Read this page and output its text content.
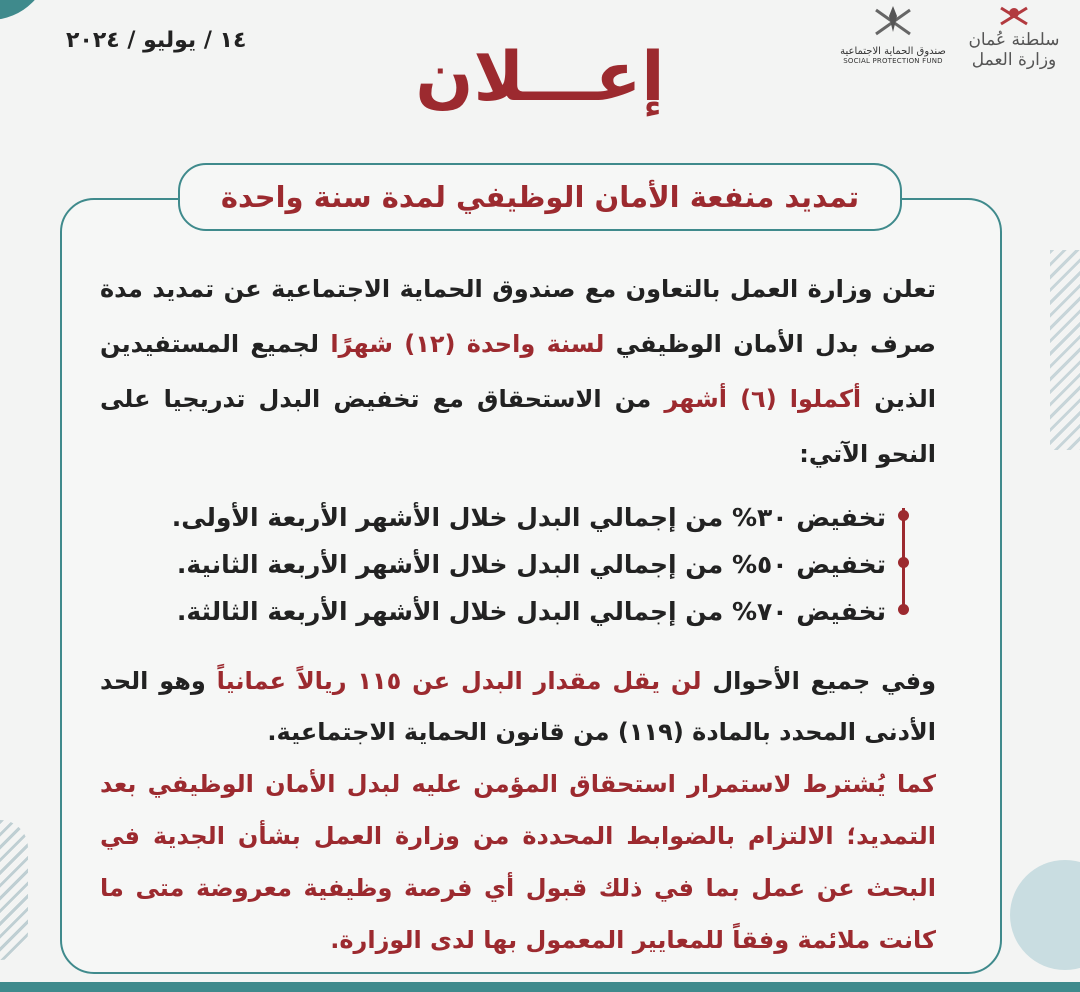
١٤ / يوليو / ٢٠٢٤	سلطنة عُمان
وزارة العمل
صندوق الحماية الاجتماعية
SOCIAL PROTECTION FUND
إعـــلان
تمديد منفعة الأمان الوظيفي لمدة سنة واحدة
تعلن وزارة العمل بالتعاون مع صندوق الحماية الاجتماعية عن تمديد مدة صرف بدل الأمان الوظيفي لسنة واحدة (١٢) شهرًا لجميع المستفيدين الذين أكملوا (٦) أشهر من الاستحقاق مع تخفيض البدل تدريجيا على النحو الآتي:
تخفيض ٣٠% من إجمالي البدل خلال الأشهر الأربعة الأولى.
تخفيض ٥٠% من إجمالي البدل خلال الأشهر الأربعة الثانية.
تخفيض ٧٠% من إجمالي البدل خلال الأشهر الأربعة الثالثة.
وفي جميع الأحوال لن يقل مقدار البدل عن ١١٥ ريالاً عمانياً وهو الحد الأدنى المحدد بالمادة (١١٩) من قانون الحماية الاجتماعية.
كما يُشترط لاستمرار استحقاق المؤمن عليه لبدل الأمان الوظيفي بعد التمديد؛ الالتزام بالضوابط المحددة من وزارة العمل بشأن الجدية في البحث عن عمل بما في ذلك قبول أي فرصة وظيفية معروضة متى ما كانت ملائمة وفقاً للمعايير المعمول بها لدى الوزارة.
